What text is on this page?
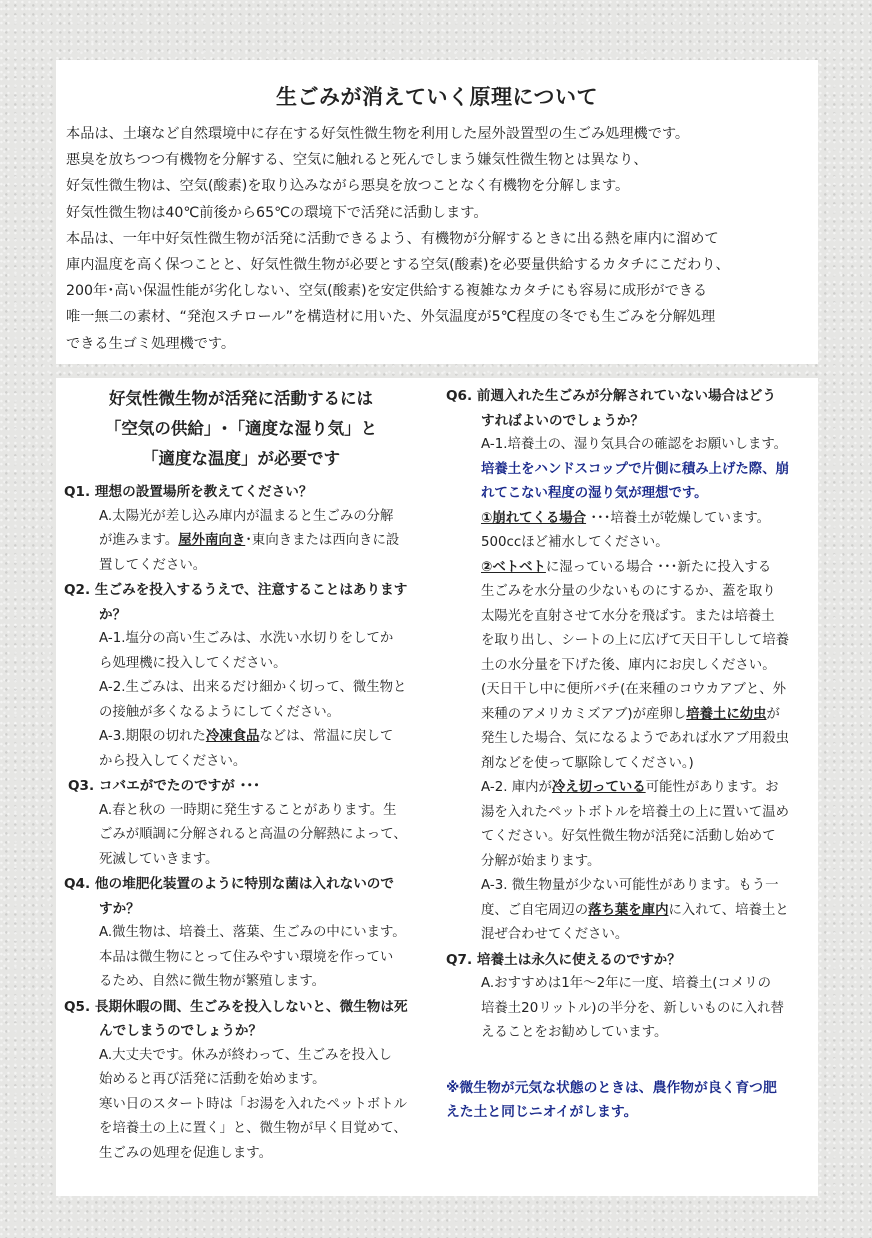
生ごみが消えていく原理について
本品は、土壌など自然環境中に存在する好気性微生物を利用した屋外設置型の生ごみ処理機です。
悪臭を放ちつつ有機物を分解する、空気に触れると死んでしまう嫌気性微生物とは異なり、
好気性微生物は、空気(酸素)を取り込みながら悪臭を放つことなく有機物を分解します。
好気性微生物は40℃前後から65℃の環境下で活発に活動します。
本品は、一年中好気性微生物が活発に活動できるよう、有機物が分解するときに出る熱を庫内に溜めて
庫内温度を高く保つことと、好気性微生物が必要とする空気(酸素)を必要量供給するカタチにこだわり、
200年･高い保温性能が劣化しない、空気(酸素)を安定供給する複雑なカタチにも容易に成形ができる
唯一無二の素材、“発泡スチロール”を構造材に用いた、外気温度が5℃程度の冬でも生ごみを分解処理
できる生ゴミ処理機です。
好気性微生物が活発に活動するには
「空気の供給」･「適度な湿り気」と
「適度な温度」が必要です
Q1. 理想の設置場所を教えてください？
A.太陽光が差し込み庫内が温まると生ごみの分解
が進みます。屋外南向き･東向きまたは西向きに設
置してください。
Q2. 生ごみを投入するうえで、注意することはあります
か？
A-1.塩分の高い生ごみは、水洗い水切りをしてか
ら処理機に投入してください。
A-2.生ごみは、出来るだけ細かく切って、微生物と
の接触が多くなるようにしてください。
A-3.期限の切れた冷凍食品などは、常温に戻して
から投入してください。
Q3. コバエがでたのですが ･･･
A.春と秋の 一時期に発生することがあります。生
ごみが順調に分解されると高温の分解熱によって、
死滅していきます。
Q4. 他の堆肥化装置のように特別な菌は入れないので
すか？
A.微生物は、培養土、落葉、生ごみの中にいます。
本品は微生物にとって住みやすい環境を作ってい
るため、自然に微生物が繁殖します。
Q5. 長期休暇の間、生ごみを投入しないと、微生物は死
んでしまうのでしょうか？
A.大丈夫です。休みが終わって、生ごみを投入し
始めると再び活発に活動を始めます。
寒い日のスタート時は「お湯を入れたペットボトル
を培養土の上に置く」と、微生物が早く目覚めて、
生ごみの処理を促進します。
Q6. 前週入れた生ごみが分解されていない場合はどう
すればよいのでしょうか？
A-1.培養土の、湿り気具合の確認をお願いします。
培養土をハンドスコップで片側に積み上げた際、崩
れてこない程度の湿り気が理想です。
①崩れてくる場合 ･･･培養土が乾燥しています。
500ccほど補水してください。
②ベトベトに湿っている場合 ･･･新たに投入する
生ごみを水分量の少ないものにするか、蓋を取り
太陽光を直射させて水分を飛ばす。または培養土
を取り出し、シートの上に広げて天日干しして培養
土の水分量を下げた後、庫内にお戻しください。
(天日干し中に便所バチ(在来種のコウカアブと、外
来種のアメリカミズアブ)が産卵し培養土に幼虫が
発生した場合、気になるようであれば水アブ用殺虫
剤などを使って駆除してください。)
A-2. 庫内が冷え切っている可能性があります。お
湯を入れたペットボトルを培養土の上に置いて温め
てください。好気性微生物が活発に活動し始めて
分解が始まります。
A-3. 微生物量が少ない可能性があります。もう一
度、ご自宅周辺の落ち葉を庫内に入れて、培養土と
混ぜ合わせてください。
Q7. 培養土は永久に使えるのですか？
A.おすすめは1年～2年に一度、培養土(コメリの
培養土20リットル)の半分を、新しいものに入れ替
えることをお勧めしています。
※微生物が元気な状態のときは、農作物が良く育つ肥
えた土と同じニオイがします。
